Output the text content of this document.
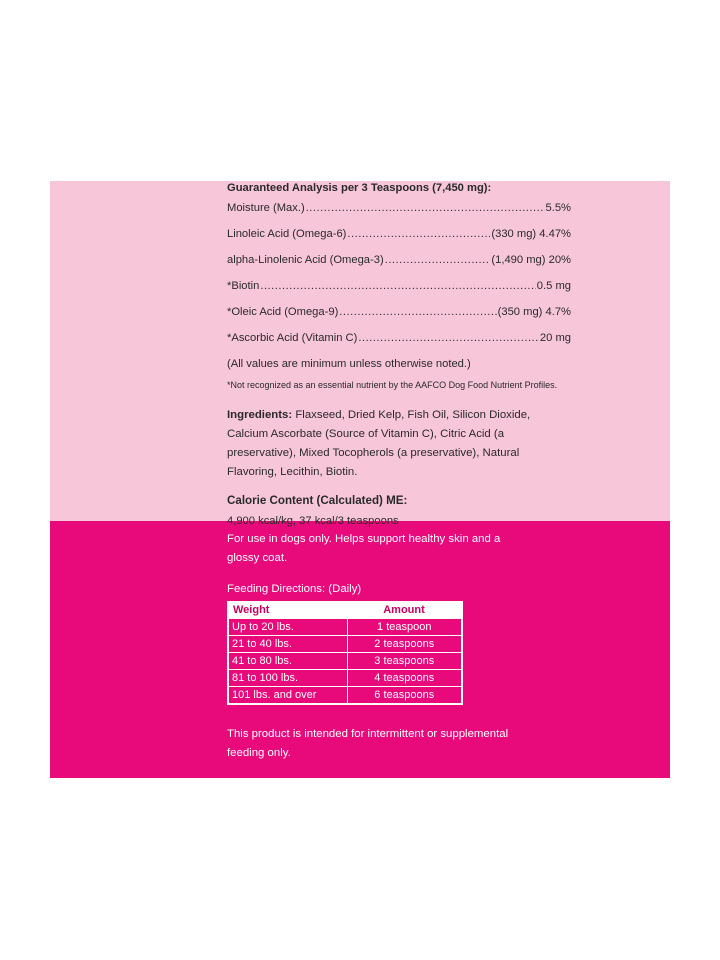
Guaranteed Analysis per 3 Teaspoons (7,450 mg):
Moisture (Max.) .....	5.5%
Linoleic Acid (Omega-6) .....	(330 mg) 4.47%
alpha-Linolenic Acid (Omega-3) .....	(1,490 mg) 20%
*Biotin .....	0.5 mg
*Oleic Acid (Omega-9) .....	(350 mg) 4.7%
*Ascorbic Acid (Vitamin C) .....	20 mg
(All values are minimum unless otherwise noted.)
*Not recognized as an essential nutrient by the AAFCO Dog Food Nutrient Profiles.
Ingredients: Flaxseed, Dried Kelp, Fish Oil, Silicon Dioxide, Calcium Ascorbate (Source of Vitamin C), Citric Acid (a preservative), Mixed Tocopherols (a preservative), Natural Flavoring, Lecithin, Biotin.
Calorie Content (Calculated) ME:
4,900 kcal/kg, 37 kcal/3 teaspoons
For use in dogs only. Helps support healthy skin and a glossy coat.
Feeding Directions: (Daily)
Weight	Amount
Up to 20 lbs.	1 teaspoon
21 to 40 lbs.	2 teaspoons
41 to 80 lbs.	3 teaspoons
81 to 100 lbs.	4 teaspoons
101 lbs. and over	6 teaspoons
This product is intended for intermittent or supplemental feeding only.
